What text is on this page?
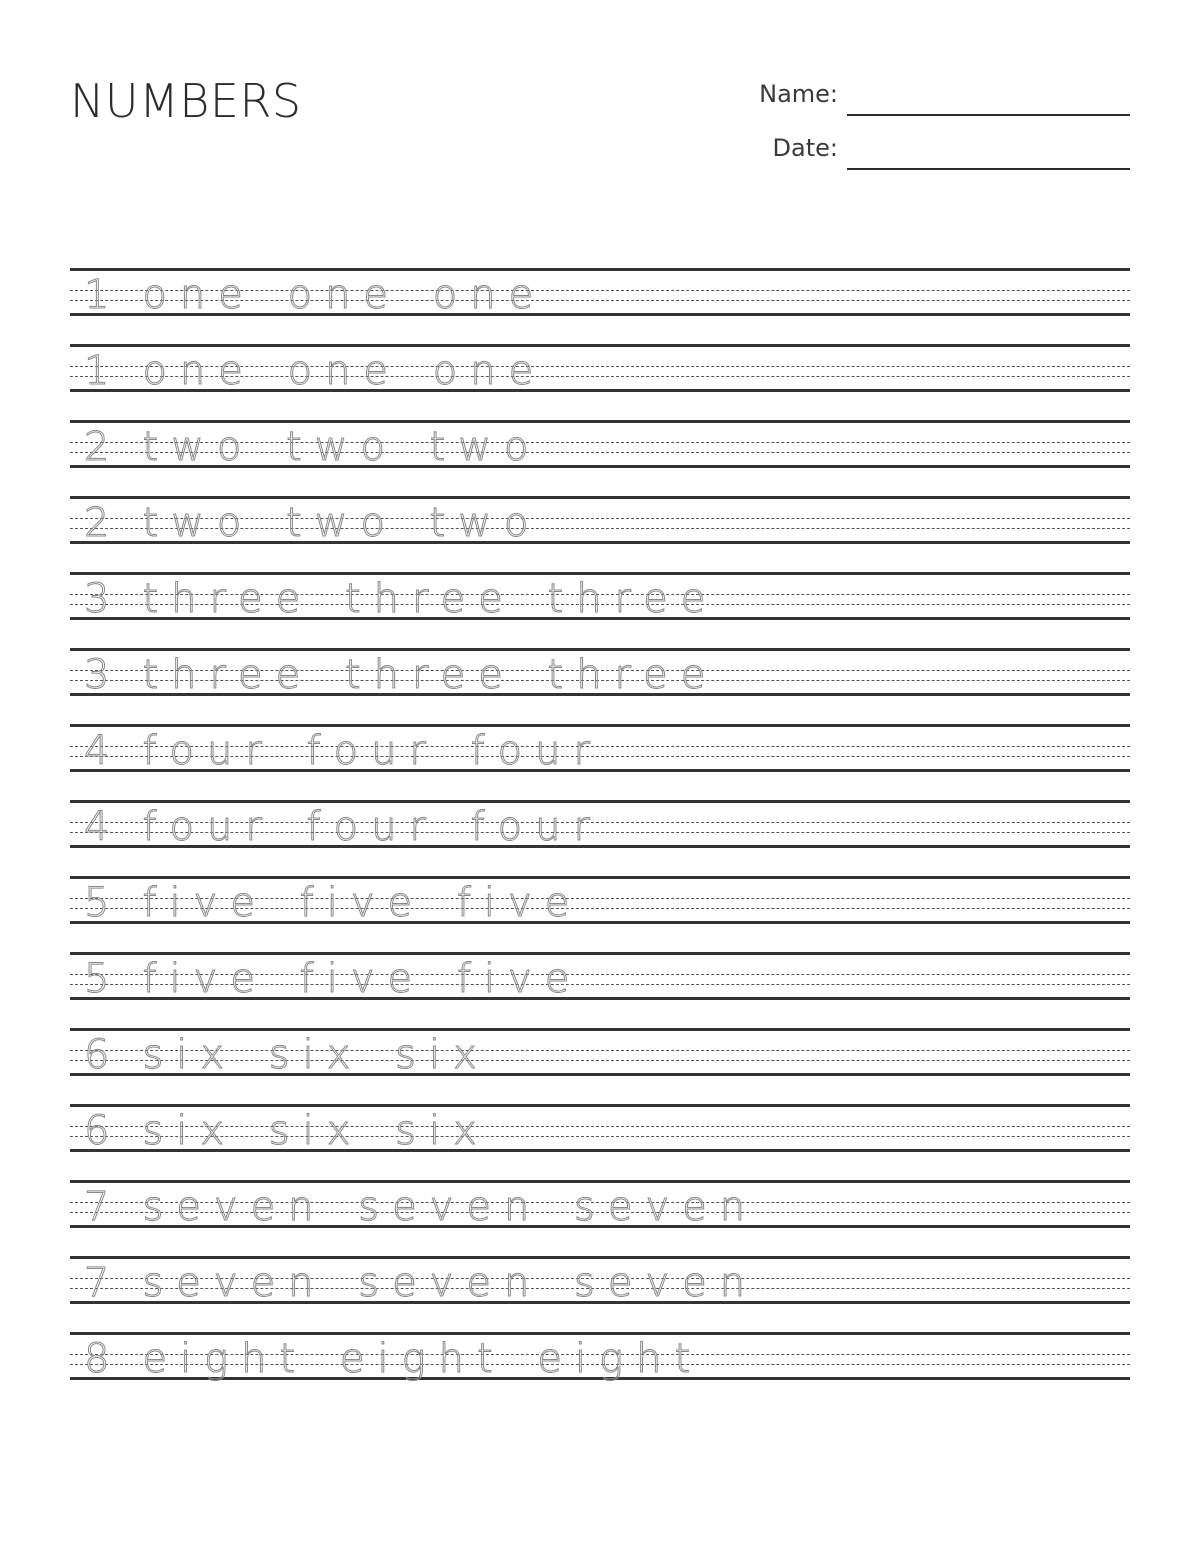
NUMBERS	Name:
Date:
1 one one one
1 one one one
2 two two two
2 two two two
3 three three three
3 three three three
4 four four four
4 four four four
5 five five five
5 five five five
6 six six six
6 six six six
7 seven seven seven
7 seven seven seven
8 eight eight eight
